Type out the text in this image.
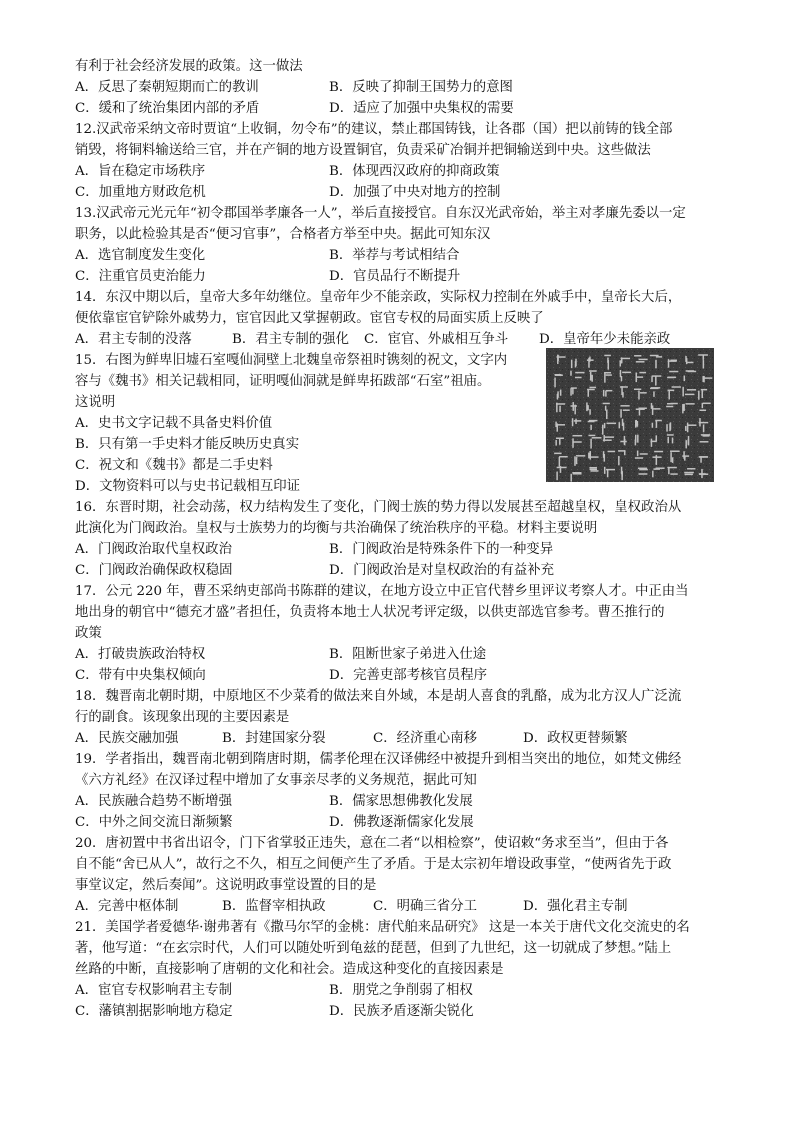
有利于社会经济发展的政策。这一做法
A．反思了秦朝短期而亡的教训	B．反映了抑制王国势力的意图
C．缓和了统治集团内部的矛盾	D．适应了加强中央集权的需要
12.汉武帝采纳文帝时贾谊“上收铜，勿令布”的建议，禁止郡国铸钱，让各郡（国）把以前铸的钱全部
销毁，将铜料输送给三官，并在产铜的地方设置铜官，负责采矿冶铜并把铜输送到中央。这些做法
A．旨在稳定市场秩序	B．体现西汉政府的抑商政策
C．加重地方财政危机	D．加强了中央对地方的控制
13.汉武帝元光元年“初令郡国举孝廉各一人”，举后直接授官。自东汉光武帝始，举主对孝廉先委以一定
职务，以此检验其是否“便习官事”，合格者方举至中央。据此可知东汉
A．选官制度发生变化	B．举荐与考试相结合
C．注重官员吏治能力	D．官员品行不断提升
14．东汉中期以后，皇帝大多年幼继位。皇帝年少不能亲政，实际权力控制在外戚手中，皇帝长大后，
便依靠宦官铲除外戚势力，宦官因此又掌握朝政。宦官专权的局面实质上反映了
A．君主专制的没落	B．君主专制的强化	C．宦官、外戚相互争斗	D．皇帝年少未能亲政
15．右图为鲜卑旧墟石室嘎仙洞壁上北魏皇帝祭祖时镌刻的祝文，文字内
容与《魏书》相关记载相同，证明嘎仙洞就是鲜卑拓跋部“石室”祖庙。
这说明
A．史书文字记载不具备史料价值
B．只有第一手史料才能反映历史真实
C．祝文和《魏书》都是二手史料
D．文物资料可以与史书记载相互印证
16．东晋时期，社会动荡，权力结构发生了变化，门阀士族的势力得以发展甚至超越皇权，皇权政治从
此演化为门阀政治。皇权与士族势力的均衡与共治确保了统治秩序的平稳。材料主要说明
A．门阀政治取代皇权政治	B．门阀政治是特殊条件下的一种变异
C．门阀政治确保政权稳固	D．门阀政治是对皇权政治的有益补充
17．公元 220 年，曹丕采纳吏部尚书陈群的建议，在地方设立中正官代替乡里评议考察人才。中正由当
地出身的朝官中“德充才盛”者担任，负责将本地士人状况考评定级，以供吏部选官参考。曹丕推行的
政策
A．打破贵族政治特权	B．阻断世家子弟进入仕途
C．带有中央集权倾向	D．完善吏部考核官员程序
18．魏晋南北朝时期，中原地区不少菜肴的做法来自外域，本是胡人喜食的乳酪，成为北方汉人广泛流
行的副食。该现象出现的主要因素是
A．民族交融加强	B．封建国家分裂	C．经济重心南移	D．政权更替频繁
19．学者指出，魏晋南北朝到隋唐时期，儒孝伦理在汉译佛经中被提升到相当突出的地位，如梵文佛经
《六方礼经》在汉译过程中增加了女事亲尽孝的义务规范，据此可知
A．民族融合趋势不断增强	B．儒家思想佛教化发展
C．中外之间交流日渐频繁	D．佛教逐渐儒家化发展
20．唐初置中书省出诏令，门下省掌驳正违失，意在二者“以相检察”，使诏敕“务求至当”，但由于各
自不能“舍已从人”，故行之不久，相互之间便产生了矛盾。于是太宗初年增设政事堂，“使两省先于政
事堂议定，然后奏闻”。这说明政事堂设置的目的是
A．完善中枢体制	B．监督宰相执政	C．明确三省分工	D．强化君主专制
21．美国学者爱德华·谢弗著有《撒马尔罕的金桃：唐代舶来品研究》 这是一本关于唐代文化交流史的名
著，他写道：“在玄宗时代，人们可以随处听到龟兹的琵琶，但到了九世纪，这一切就成了梦想。”陆上
丝路的中断，直接影响了唐朝的文化和社会。造成这种变化的直接因素是
A．宦官专权影响君主专制	B．朋党之争削弱了相权
C．藩镇割据影响地方稳定	D．民族矛盾逐渐尖锐化
